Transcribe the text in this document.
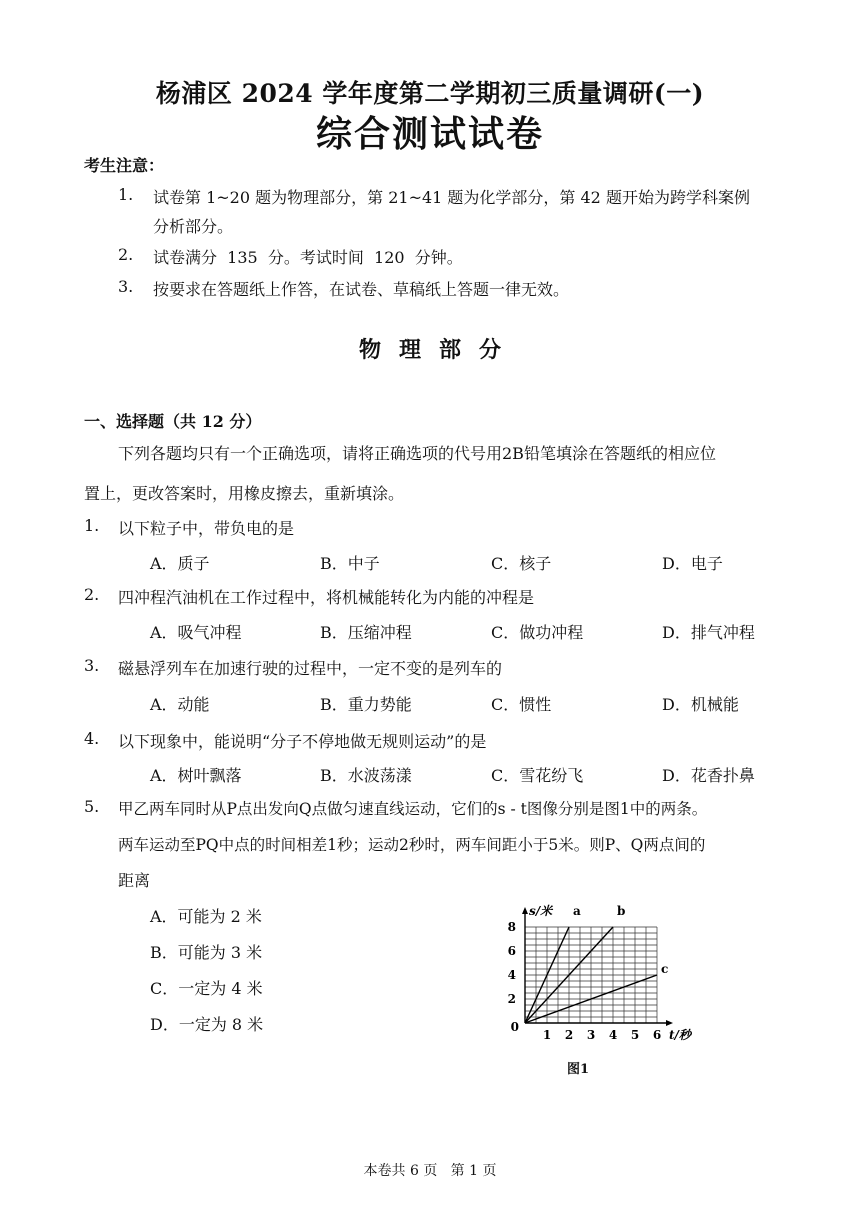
杨浦区 2024 学年度第二学期初三质量调研(一)
综合测试试卷
考生注意：
1. 试卷第 1~20 题为物理部分，第 21~41 题为化学部分，第 42 题开始为跨学科案例
分析部分。
2. 试卷满分  135  分。考试时间  120  分钟。
3. 按要求在答题纸上作答，在试卷、草稿纸上答题一律无效。
物理部分
一、选择题（共 12 分）
下列各题均只有一个正确选项，请将正确选项的代号用2B铅笔填涂在答题纸的相应位
置上，更改答案时，用橡皮擦去，重新填涂。
1. 以下粒子中，带负电的是
A．质子	B．中子	C．核子	D．电子
2. 四冲程汽油机在工作过程中，将机械能转化为内能的冲程是
A．吸气冲程	B．压缩冲程	C．做功冲程	D．排气冲程
3. 磁悬浮列车在加速行驶的过程中，一定不变的是列车的
A．动能	B．重力势能	C．惯性	D．机械能
4. 以下现象中，能说明“分子不停地做无规则运动”的是
A．树叶飘落	B．水波荡漾	C．雪花纷飞	D．花香扑鼻
5. 甲乙两车同时从P点出发向Q点做匀速直线运动，它们的s - t图像分别是图1中的两条。
两车运动至PQ中点的时间相差1秒；运动2秒时，两车间距小于5米。则P、Q两点间的
距离
A．可能为 2 米
B．可能为 3 米
C．一定为 4 米
D．一定为 8 米
1 2 3 4 5 6
2
4
6
8
0
s/米
t/秒
a	b
c
图1
本卷共 6 页   第 1 页
